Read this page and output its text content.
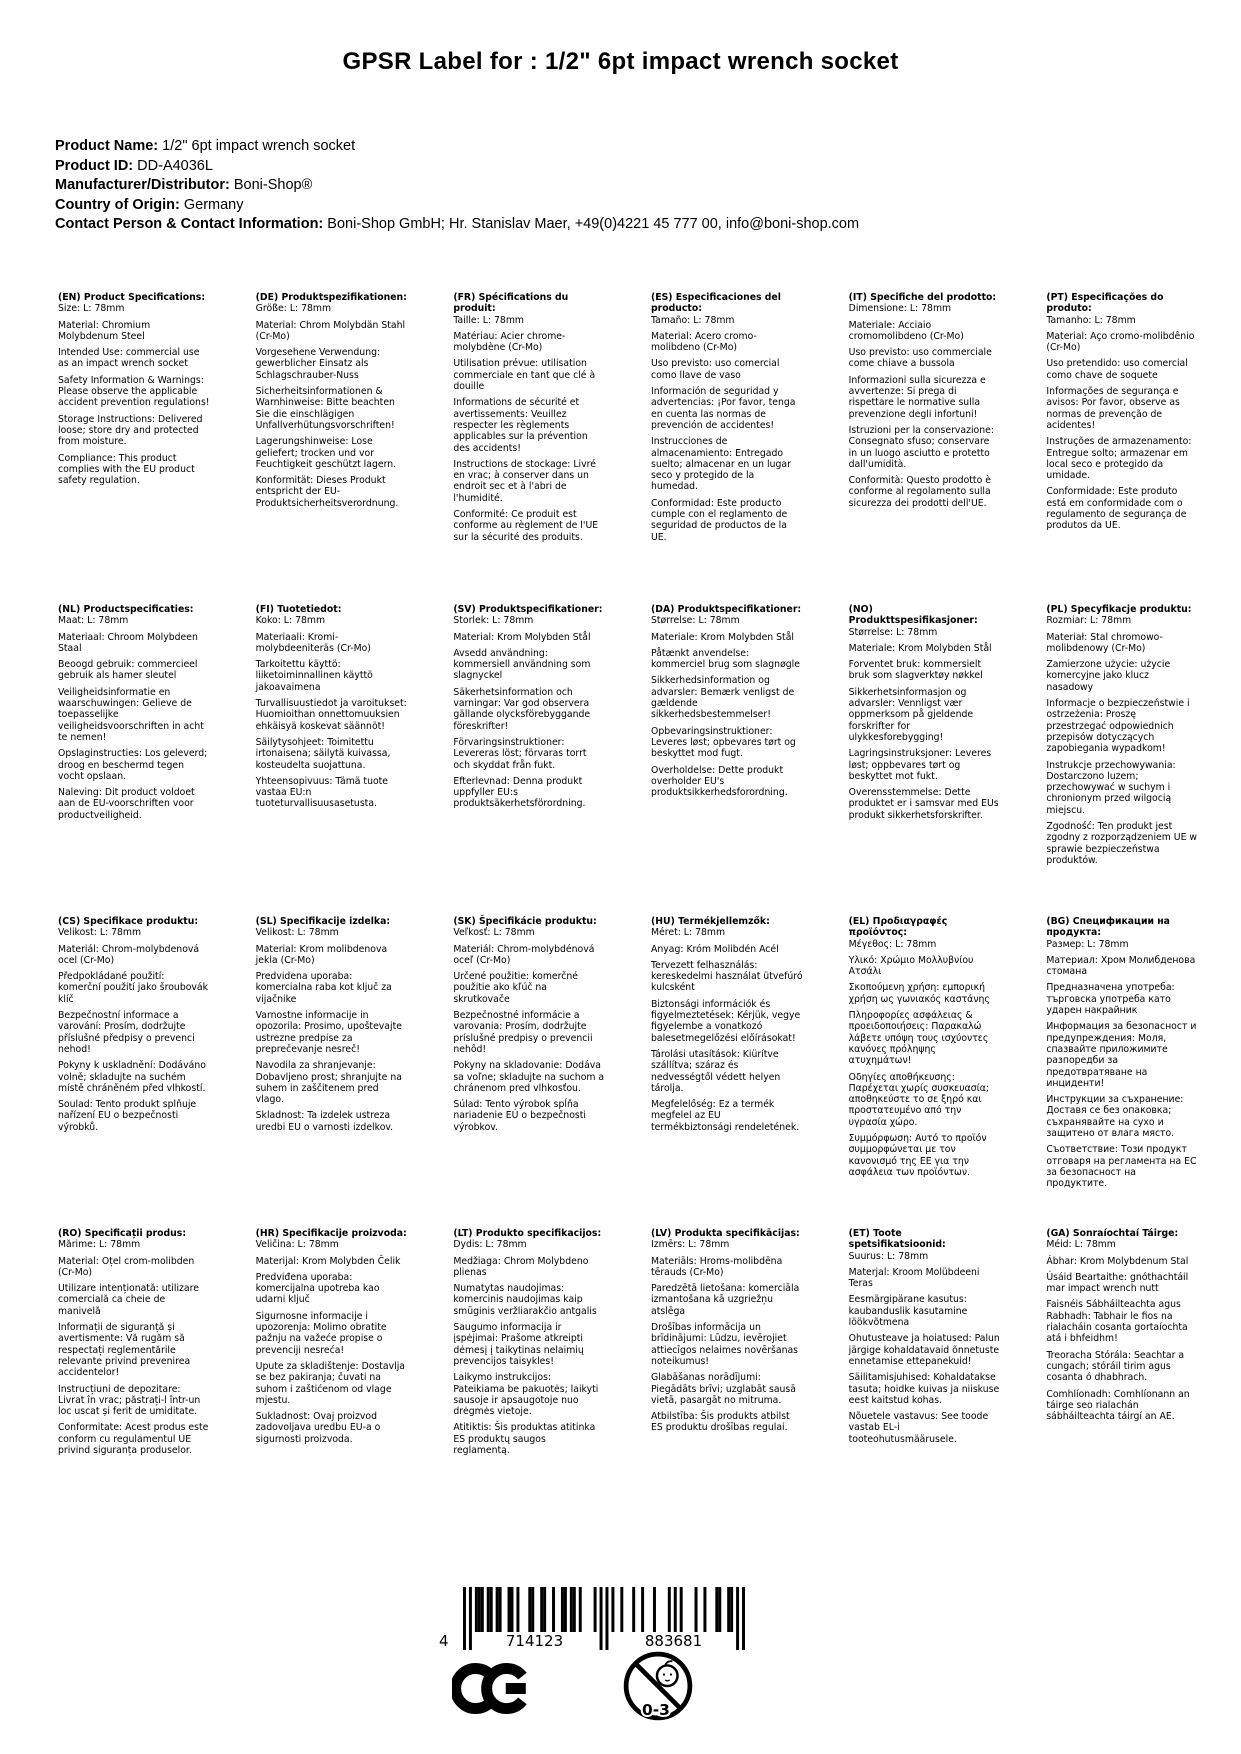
GPSR Label for : 1/2" 6pt impact wrench socket
Product Name: 1/2" 6pt impact wrench socket
Product ID: DD-A4036L
Manufacturer/Distributor: Boni-Shop®
Country of Origin: Germany
Contact Person & Contact Information: Boni-Shop GmbH; Hr. Stanislav Maer, +49(0)4221 45 777 00, info@boni-shop.com
(EN) Product Specifications:

Size: L: 78mm

Material: Chromium Molybdenum Steel

Intended Use: commercial use as an impact wrench socket

Safety Information & Warnings: Please observe the applicable accident prevention regulations!

Storage Instructions: Delivered loose; store dry and protected from moisture.

Compliance: This product complies with the EU product safety regulation.

(DE) Produktspezifikationen:

Größe: L: 78mm

Material: Chrom Molybdän Stahl (Cr-Mo)

Vorgesehene Verwendung: gewerblicher Einsatz als Schlagschrauber-Nuss

Sicherheitsinformationen & Warnhinweise: Bitte beachten Sie die einschlägigen Unfallverhütungsvorschriften!

Lagerungshinweise: Lose geliefert; trocken und vor Feuchtigkeit geschützt lagern.

Konformität: Dieses Produkt entspricht der EU-Produktsicherheitsverordnung.

(FR) Spécifications du produit:

Taille: L: 78mm

Matériau: Acier chrome-molybdène (Cr-Mo)

Utilisation prévue: utilisation commerciale en tant que clé à douille

Informations de sécurité et avertissements: Veuillez respecter les règlements applicables sur la prévention des accidents!

Instructions de stockage: Livré en vrac; à conserver dans un endroit sec et à l'abri de l'humidité.

Conformité: Ce produit est conforme au règlement de l'UE sur la sécurité des produits.

(ES) Especificaciones del producto:

Tamaño: L: 78mm

Material: Acero cromo-molibdeno (Cr-Mo)

Uso previsto: uso comercial como llave de vaso

Información de seguridad y advertencias: ¡Por favor, tenga en cuenta las normas de prevención de accidentes!

Instrucciones de almacenamiento: Entregado suelto; almacenar en un lugar seco y protegido de la humedad.

Conformidad: Este producto cumple con el reglamento de seguridad de productos de la UE.

(IT) Specifiche del prodotto:

Dimensione: L: 78mm

Materiale: Acciaio cromomolibdeno (Cr-Mo)

Uso previsto: uso commerciale come chiave a bussola

Informazioni sulla sicurezza e avvertenze: Si prega di rispettare le normative sulla prevenzione degli infortuni!

Istruzioni per la conservazione: Consegnato sfuso; conservare in un luogo asciutto e protetto dall'umidità.

Conformità: Questo prodotto è conforme al regolamento sulla sicurezza dei prodotti dell'UE.

(PT) Especificações do produto:

Tamanho: L: 78mm

Material: Aço cromo-molibdênio (Cr-Mo)

Uso pretendido: uso comercial como chave de soquete

Informações de segurança e avisos: Por favor, observe as normas de prevenção de acidentes!

Instruções de armazenamento: Entregue solto; armazenar em local seco e protegido da umidade.

Conformidade: Este produto está em conformidade com o regulamento de segurança de produtos da UE.

(NL) Productspecificaties:

Maat: L: 78mm

Materiaal: Chroom Molybdeen Staal

Beoogd gebruik: commercieel gebruik als hamer sleutel

Veiligheidsinformatie en waarschuwingen: Gelieve de toepasselijke veiligheidsvoorschriften in acht te nemen!

Opslaginstructies: Los geleverd; droog en beschermd tegen vocht opslaan.

Naleving: Dit product voldoet aan de EU-voorschriften voor productveiligheid.

(FI) Tuotetiedot:

Koko: L: 78mm

Materiaali: Kromi-molybdeeniteräs (Cr-Mo)

Tarkoitettu käyttö: liiketoiminnallinen käyttö jakoavaimena

Turvallisuustiedot ja varoitukset: Huomioithan onnettomuuksien ehkäisyä koskevat säännöt!

Säilytysohjeet: Toimitettu irtonaisena; säilytä kuivassa, kosteudelta suojattuna.

Yhteensopivuus: Tämä tuote vastaa EU:n tuoteturvallisuusasetusta.

(SV) Produktspecifikationer:

Storlek: L: 78mm

Material: Krom Molybden Stål

Avsedd användning: kommersiell användning som slagnyckel

Säkerhetsinformation och varningar: Var god observera gällande olycksförebyggande föreskrifter!

Förvaringsinstruktioner: Levereras löst; förvaras torrt och skyddat från fukt.

Efterlevnad: Denna produkt uppfyller EU:s produktsäkerhetsförordning.

(DA) Produktspecifikationer:

Størrelse: L: 78mm

Materiale: Krom Molybden Stål

Påtænkt anvendelse: kommerciel brug som slagnøgle

Sikkerhedsinformation og advarsler: Bemærk venligst de gældende sikkerhedsbestemmelser!

Opbevaringsinstruktioner: Leveres løst; opbevares tørt og beskyttet mod fugt.

Overholdelse: Dette produkt overholder EU's produktsikkerhedsforordning.

(NO) Produkttspesifikasjoner:

Størrelse: L: 78mm

Materiale: Krom Molybden Stål

Forventet bruk: kommersielt bruk som slagverktøy nøkkel

Sikkerhetsinformasjon og advarsler: Vennligst vær oppmerksom på gjeldende forskrifter for ulykkesforebygging!

Lagringsinstruksjoner: Leveres løst; oppbevares tørt og beskyttet mot fukt.

Overensstemmelse: Dette produktet er i samsvar med EUs produkt sikkerhetsforskrifter.

(PL) Specyfikacje produktu:

Rozmiar: L: 78mm

Materiał: Stal chromowo-molibdenowy (Cr-Mo)

Zamierzone użycie: użycie komercyjne jako klucz nasadowy

Informacje o bezpieczeństwie i ostrzeżenia: Proszę przestrzegać odpowiednich przepisów dotyczących zapobiegania wypadkom!

Instrukcje przechowywania: Dostarczono luzem; przechowywać w suchym i chronionym przed wilgocią miejscu.

Zgodność: Ten produkt jest zgodny z rozporządzeniem UE w sprawie bezpieczeństwa produktów.

(CS) Specifikace produktu:

Velikost: L: 78mm

Materiál: Chrom-molybdenová ocel (Cr-Mo)

Předpokládané použití: komerční použití jako šroubovák klíč

Bezpečnostní informace a varování: Prosím, dodržujte příslušné předpisy o prevenci nehod!

Pokyny k uskladnění: Dodáváno volně; skladujte na suchém místě chráněném před vlhkostí.

Soulad: Tento produkt splňuje nařízení EU o bezpečnosti výrobků.

(SL) Specifikacije izdelka:

Velikost: L: 78mm

Material: Krom molibdenova jekla (Cr-Mo)

Predvidena uporaba: komercialna raba kot ključ za vijačnike

Varnostne informacije in opozorila: Prosimo, upoštevajte ustrezne predpise za preprečevanje nesreč!

Navodila za shranjevanje: Dobavljeno prost; shranjujte na suhem in zaščitenem pred vlago.

Skladnost: Ta izdelek ustreza uredbi EU o varnosti izdelkov.

(SK) Špecifikácie produktu:

Veľkosť: L: 78mm

Materiál: Chrom-molybdénová oceľ (Cr-Mo)

Určené použitie: komerčné použitie ako kľúč na skrutkovače

Bezpečnostné informácie a varovania: Prosím, dodržujte príslušné predpisy o prevencii nehôd!

Pokyny na skladovanie: Dodáva sa voľne; skladujte na suchom a chránenom pred vlhkosťou.

Súlad: Tento výrobok spĺňa nariadenie EÚ o bezpečnosti výrobkov.

(HU) Termékjellemzők:

Méret: L: 78mm

Anyag: Króm Molibdén Acél

Tervezett felhasználás: kereskedelmi használat ütvefúró kulcsként

Biztonsági információk és figyelmeztetések: Kérjük, vegye figyelembe a vonatkozó balesetmegelőzési előírásokat!

Tárolási utasítások: Kiürítve szállítva; száraz és nedvességtől védett helyen tárolja.

Megfelelőség: Ez a termék megfelel az EU termékbiztonsági rendeletének.

(EL) Προδιαγραφές προϊόντος:

Μέγεθος: L: 78mm

Υλικό: Χρώμιο Μολλυβνίου Ατσάλι

Σκοπούμενη χρήση: εμπορική χρήση ως γωνιακός καστάνης

Πληροφορίες ασφάλειας & προειδοποιήσεις: Παρακαλώ λάβετε υπόψη τους ισχύοντες κανόνες πρόληψης ατυχημάτων!

Οδηγίες αποθήκευσης: Παρέχεται χωρίς συσκευασία; αποθηκεύστε το σε ξηρό και προστατευμένο από την υγρασία χώρο.

Συμμόρφωση: Αυτό το προϊόν συμμορφώνεται με τον κανονισμό της ΕΕ για την ασφάλεια των προϊόντων.

(BG) Спецификации на продукта:

Размер: L: 78mm

Материал: Хром Молибденова стомана

Предназначена употреба: търговска употреба като ударен накрайник

Информация за безопасност и предупреждения: Моля, спазвайте приложимите разпоредби за предотвратяване на инциденти!

Инструкции за съхранение: Доставя се без опаковка; съхранявайте на сухо и защитено от влага място.

Съответствие: Този продукт отговаря на регламента на ЕС за безопасност на продуктите.

(RO) Specificații produs:

Mărime: L: 78mm

Material: Oțel crom-molibden (Cr-Mo)

Utilizare intenționată: utilizare comercială ca cheie de manivelă

Informații de siguranță și avertismente: Vă rugăm să respectați reglementările relevante privind prevenirea accidentelor!

Instrucțiuni de depozitare: Livrat în vrac; păstrați-l într-un loc uscat și ferit de umiditate.

Conformitate: Acest produs este conform cu regulamentul UE privind siguranța produselor.

(HR) Specifikacije proizvoda:

Veličina: L: 78mm

Materijal: Krom Molybden Čelik

Predviđena uporaba: komercijalna upotreba kao udarni ključ

Sigurnosne informacije i upozorenja: Molimo obratite pažnju na važeće propise o prevenciji nesreća!

Upute za skladištenje: Dostavlja se bez pakiranja; čuvati na suhom i zaštićenom od vlage mjestu.

Sukladnost: Ovaj proizvod zadovoljava uredbu EU-a o sigurnosti proizvoda.

(LT) Produkto specifikacijos:

Dydis: L: 78mm

Medžiaga: Chrom Molybdeno plienas

Numatytas naudojimas: komercinis naudojimas kaip smūginis veržliarakčio antgalis

Saugumo informacija ir įspėjimai: Prašome atkreipti dėmesį į taikytinas nelaimių prevencijos taisykles!

Laikymo instrukcijos: Pateikiama be pakuotės; laikyti sausoje ir apsaugotoje nuo drėgmės vietoje.

Atitiktis: Šis produktas atitinka ES produktų saugos reglamentą.

(LV) Produkta specifikācijas:

Izmērs: L: 78mm

Materiāls: Hroms-molibdēna tērauds (Cr-Mo)

Paredzētā lietošana: komerciāla izmantošana kā uzgriežņu atslēga

Drošības informācija un brīdinājumi: Lūdzu, ievērojiet attiecīgos nelaimes novēršanas noteikumus!

Glabāšanas norādījumi: Piegādāts brīvi; uzglabāt sausā vietā, pasargāt no mitruma.

Atbilstība: Šis produkts atbilst ES produktu drošības regulai.

(ET) Toote spetsifikatsioonid:

Suurus: L: 78mm

Materjal: Kroom Molübdeeni Teras

Eesmärgipärane kasutus: kaubanduslik kasutamine löökvõtmena

Ohutusteave ja hoiatused: Palun järgige kohaldatavaid õnnetuste ennetamise ettepanekuid!

Säilitamisjuhised: Kohaldatakse tasuta; hoidke kuivas ja niiskuse eest kaitstud kohas.

Nõuetele vastavus: See toode vastab EL-i tooteohutusmäärusele.

(GA) Sonraíochtaí Táirge:

Méid: L: 78mm

Ábhar: Krom Molybdenum Stal

Úsáid Beartaithe: gnóthachtáil mar impact wrench nutt

Faisnéis Sábháilteachta agus Rabhadh: Tabhair le fios na rialacháin cosanta gortaíochta atá i bhfeidhm!

Treoracha Stórála: Seachtar a cungach; stóráil tirim agus cosanta ó dhabhrach.

Comhlíonadh: Comhlíonann an táirge seo rialachán sábháilteachta táirgí an AE.

4	714123	883681
0-3
